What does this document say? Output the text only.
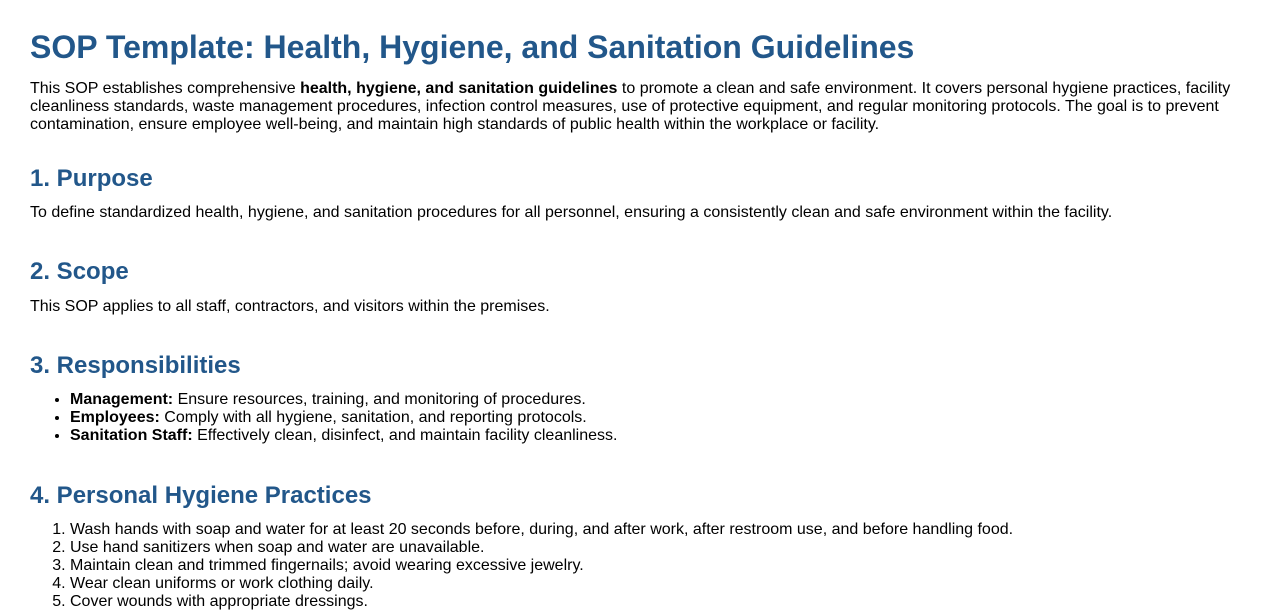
SOP Template: Health, Hygiene, and Sanitation Guidelines

This SOP establishes comprehensive health, hygiene, and sanitation guidelines to promote a clean and safe environment. It covers personal hygiene practices, facility cleanliness standards, waste management procedures, infection control measures, use of protective equipment, and regular monitoring protocols. The goal is to prevent contamination, ensure employee well-being, and maintain high standards of public health within the workplace or facility.

1. Purpose

To define standardized health, hygiene, and sanitation procedures for all personnel, ensuring a consistently clean and safe environment within the facility.

2. Scope

This SOP applies to all staff, contractors, and visitors within the premises.

3. Responsibilities
• Management: Ensure resources, training, and monitoring of procedures.
• Employees: Comply with all hygiene, sanitation, and reporting protocols.
• Sanitation Staff: Effectively clean, disinfect, and maintain facility cleanliness.
4. Personal Hygiene Practices
1. Wash hands with soap and water for at least 20 seconds before, during, and after work, after restroom use, and before handling food.
2. Use hand sanitizers when soap and water are unavailable.
3. Maintain clean and trimmed fingernails; avoid wearing excessive jewelry.
4. Wear clean uniforms or work clothing daily.
5. Cover wounds with appropriate dressings.
